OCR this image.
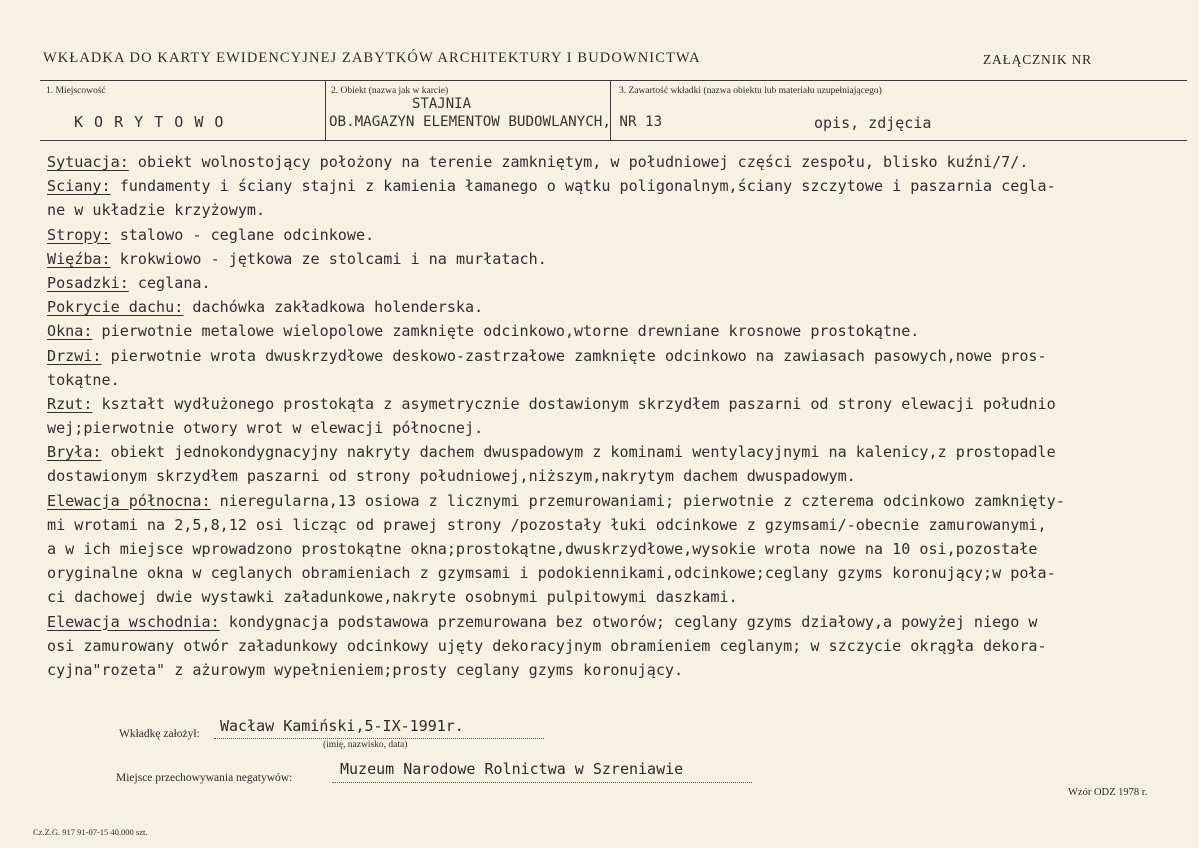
WKŁADKA DO KARTY EWIDENCYJNEJ ZABYTKÓW ARCHITEKTURY I BUDOWNICTWA	ZAŁĄCZNIK NR
1. Miejscowość
K O R Y T O W O
2. Obiekt (nazwa jak w karcie)
STAJNIA
OB.MAGAZYN ELEMENTOW BUDOWLANYCH, NR 13
3. Zawartość wkładki (nazwa obiektu lub materiału uzupełniającego)
opis, zdjęcia
Sytuacja: obiekt wolnostojący położony na terenie zamkniętym, w południowej części zespołu, blisko kuźni/7/.
Sciany: fundamenty i ściany stajni z kamienia łamanego o wątku poligonalnym,ściany szczytowe i paszarnia cegla-
ne w układzie krzyżowym.
Stropy: stalowo - ceglane odcinkowe.
Więźba: krokwiowo - jętkowa ze stolcami i na murłatach.
Posadzki: ceglana.
Pokrycie dachu: dachówka zakładkowa holenderska.
Okna: pierwotnie metalowe wielopolowe zamknięte odcinkowo,wtorne drewniane krosnowe prostokątne.
Drzwi: pierwotnie wrota dwuskrzydłowe deskowo-zastrzałowe zamknięte odcinkowo na zawiasach pasowych,nowe pros-
tokątne.
Rzut: kształt wydłużonego prostokąta z asymetrycznie dostawionym skrzydłem paszarni od strony elewacji południo
wej;pierwotnie otwory wrot w elewacji północnej.
Bryła: obiekt jednokondygnacyjny nakryty dachem dwuspadowym z kominami wentylacyjnymi na kalenicy,z prostopadle
dostawionym skrzydłem paszarni od strony południowej,niższym,nakrytym dachem dwuspadowym.
Elewacja północna: nieregularna,13 osiowa z licznymi przemurowaniami; pierwotnie z czterema odcinkowo zamknięty-
mi wrotami na 2,5,8,12 osi licząc od prawej strony /pozostały łuki odcinkowe z gzymsami/-obecnie zamurowanymi,
a w ich miejsce wprowadzono prostokątne okna;prostokątne,dwuskrzydłowe,wysokie wrota nowe na 10 osi,pozostałe
oryginalne okna w ceglanych obramieniach z gzymsami i podokiennikami,odcinkowe;ceglany gzyms koronujący;w poła-
ci dachowej dwie wystawki załadunkowe,nakryte osobnymi pulpitowymi daszkami.
Elewacja wschodnia: kondygnacja podstawowa przemurowana bez otworów; ceglany gzyms działowy,a powyżej niego w
osi zamurowany otwór załadunkowy odcinkowy ujęty dekoracyjnym obramieniem ceglanym; w szczycie okrągła dekora-
cyjna"rozeta" z ażurowym wypełnieniem;prosty ceglany gzyms koronujący.
Wkładkę założył: Wacław Kamiński,5-IX-1991r.
(imię, nazwisko, data)
Miejsce przechowywania negatywów:	Muzeum Narodowe Rolnictwa w Szreniawie
Cz.Z.G. 917 91-07-15 40.000 szt.
Wzór ODZ 1978 r.
